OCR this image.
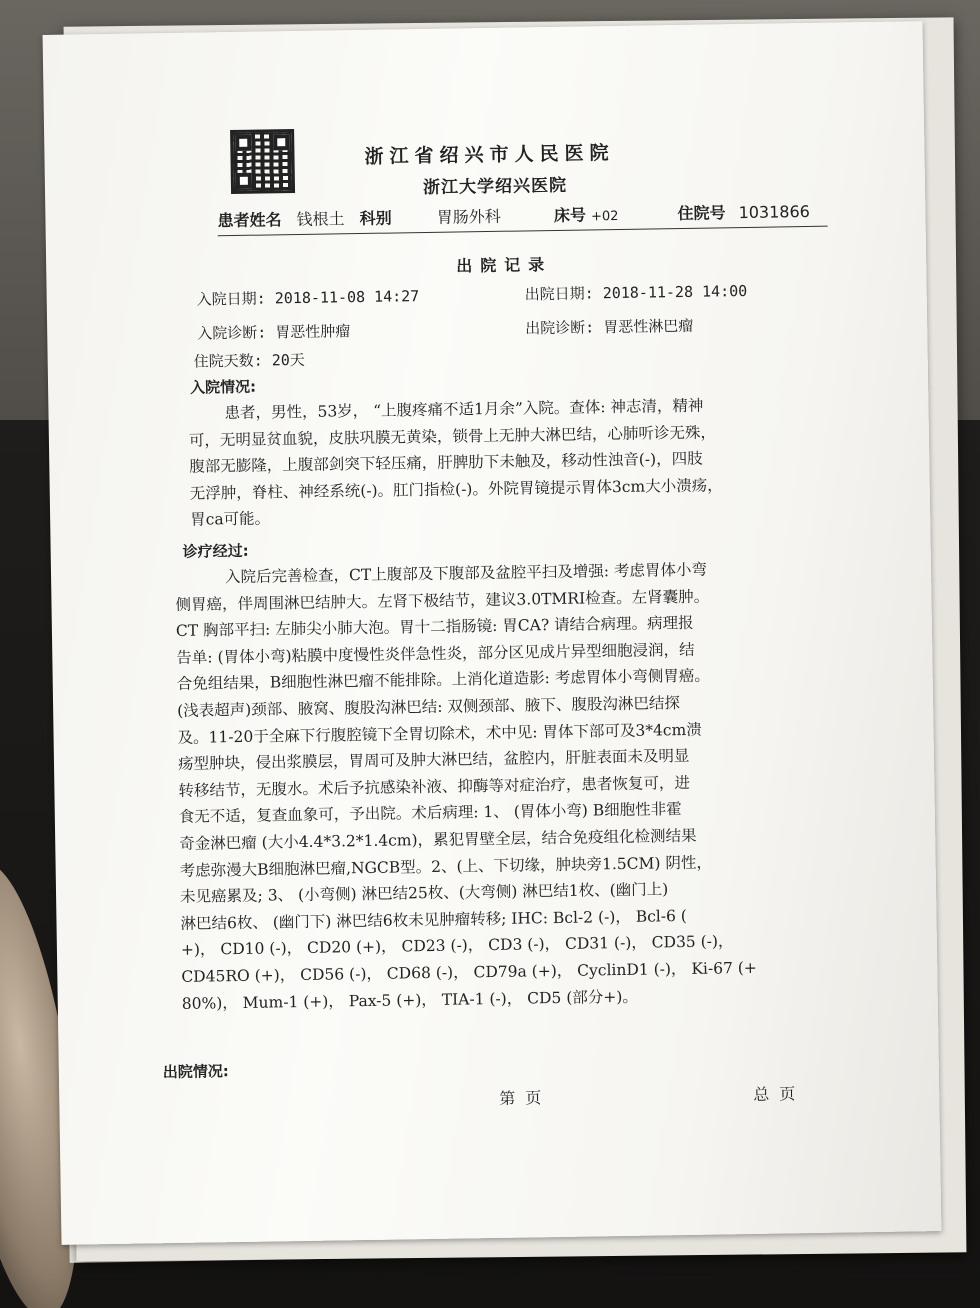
浙江省绍兴市人民医院
浙江大学绍兴医院
患者姓名 钱根土 科别	胃肠外科	床号 +02	住院号 1031866
出院记录
入院日期: 2018-11-08 14:27	出院日期: 2018-11-28 14:00
入院诊断: 胃恶性肿瘤	出院诊断: 胃恶性淋巴瘤
住院天数: 20天
入院情况:
患者，男性，53岁， “上腹疼痛不适1月余”入院。查体: 神志清，精神
可，无明显贫血貌，皮肤巩膜无黄染，锁骨上无肿大淋巴结，心肺听诊无殊，
腹部无膨隆，上腹部剑突下轻压痛，肝脾肋下未触及，移动性浊音(-)，四肢
无浮肿，脊柱、神经系统(-)。肛门指检(-)。外院胃镜提示胃体3cm大小溃疡，
胃ca可能。
诊疗经过:
入院后完善检查，CT上腹部及下腹部及盆腔平扫及增强: 考虑胃体小弯
侧胃癌，伴周围淋巴结肿大。左肾下极结节，建议3.0TMRI检查。左肾囊肿。
CT 胸部平扫: 左肺尖小肺大泡。胃十二指肠镜: 胃CA? 请结合病理。病理报
告单: (胃体小弯)粘膜中度慢性炎伴急性炎，部分区见成片异型细胞浸润，结
合免组结果，B细胞性淋巴瘤不能排除。上消化道造影: 考虑胃体小弯侧胃癌。
(浅表超声)颈部、腋窝、腹股沟淋巴结: 双侧颈部、腋下、腹股沟淋巴结探
及。11-20于全麻下行腹腔镜下全胃切除术，术中见: 胃体下部可及3*4cm溃
疡型肿块，侵出浆膜层，胃周可及肿大淋巴结，盆腔内，肝脏表面未及明显
转移结节，无腹水。术后予抗感染补液、抑酶等对症治疗，患者恢复可，进
食无不适，复查血象可，予出院。术后病理: 1、 (胃体小弯) B细胞性非霍
奇金淋巴瘤 (大小4.4*3.2*1.4cm)，累犯胃壁全层，结合免疫组化检测结果
考虑弥漫大B细胞淋巴瘤,NGCB型。2、(上、下切缘，肿块旁1.5CM) 阴性，
未见癌累及; 3、 (小弯侧) 淋巴结25枚、(大弯侧) 淋巴结1枚、(幽门上)
淋巴结6枚、 (幽门下) 淋巴结6枚未见肿瘤转移; IHC: Bcl-2 (-)， Bcl-6 (
+)， CD10 (-)， CD20 (+)， CD23 (-)， CD3 (-)， CD31 (-)， CD35 (-)，
CD45RO (+)， CD56 (-)， CD68 (-)， CD79a (+)， CyclinD1 (-)， Ki-67 (+
80%)， Mum-1 (+)， Pax-5 (+)， TIA-1 (-)， CD5 (部分+)。
出院情况:
第页	总页
